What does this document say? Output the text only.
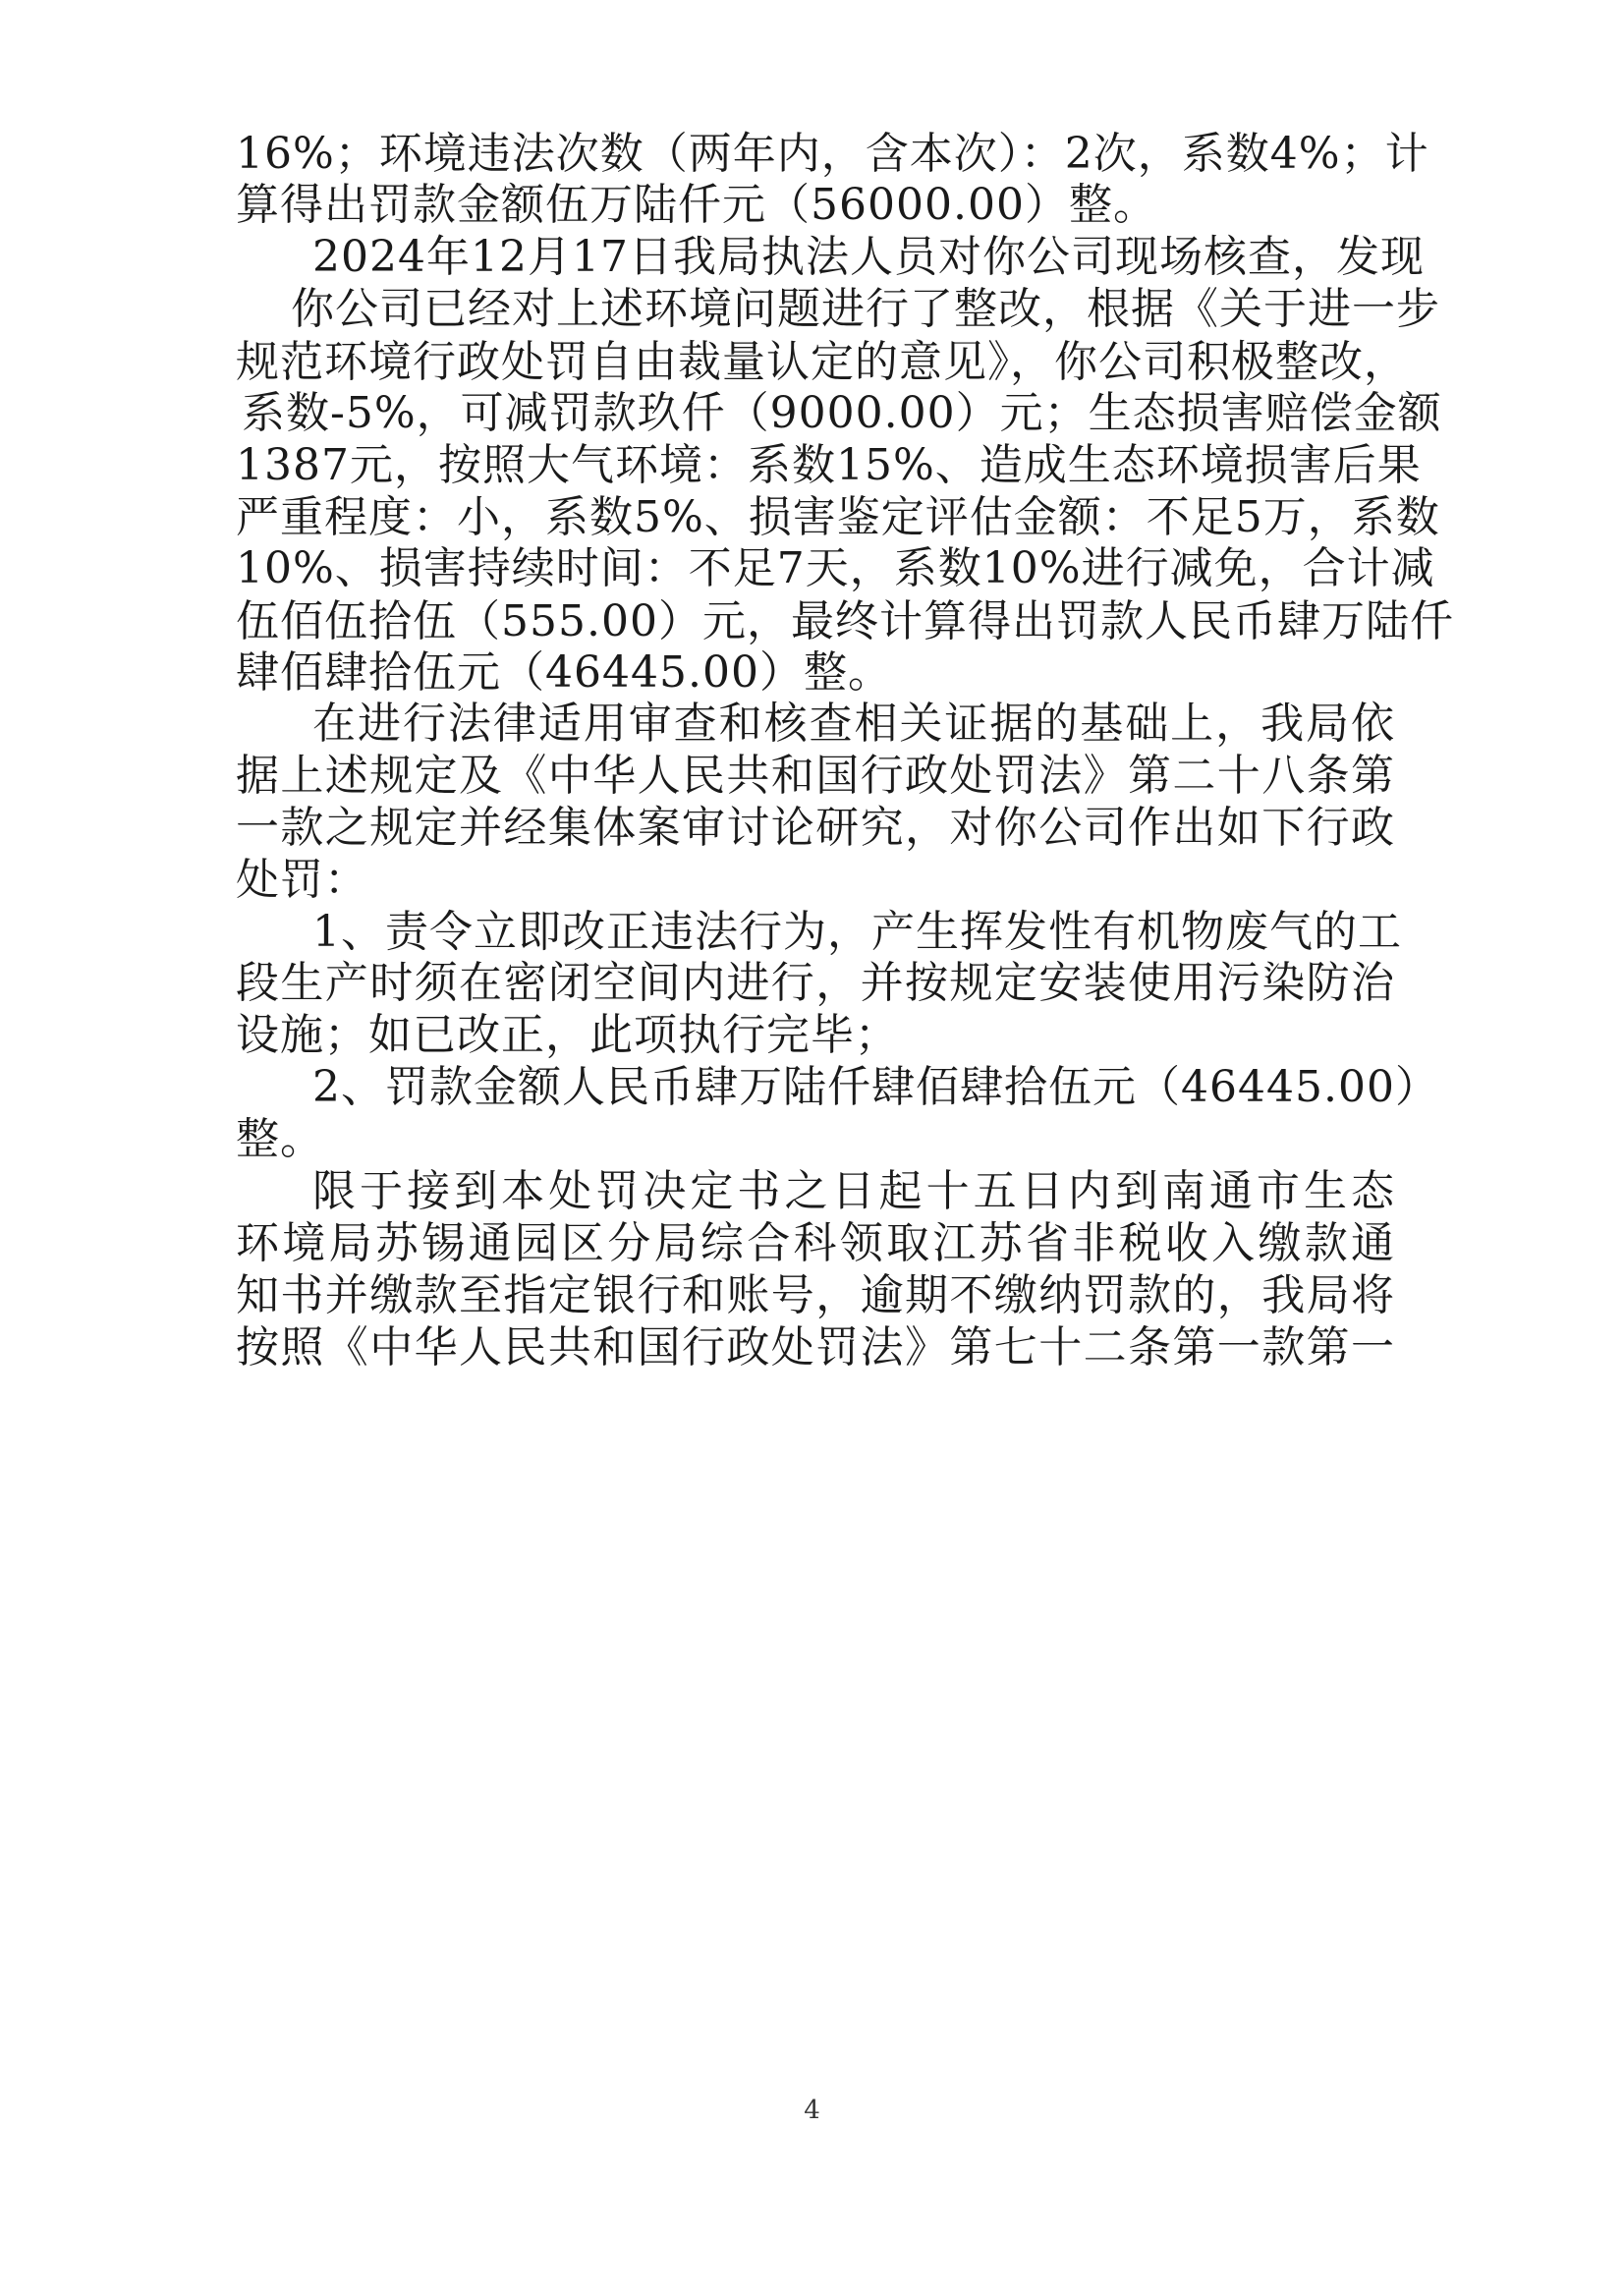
16%；环境违法次数（两年内，含本次）：2次，系数4%；计
算得出罚款金额伍万陆仟元（56000.00）整。
2024年12月17日我局执法人员对你公司现场核查，发现
你公司已经对上述环境问题进行了整改，根据《关于进一步
规范环境行政处罚自由裁量认定的意见》，你公司积极整改，
系数-5%，可减罚款玖仟（9000.00）元；生态损害赔偿金额
1387元，按照大气环境：系数15%、造成生态环境损害后果
严重程度：小，系数5%、损害鉴定评估金额：不足5万，系数
10%、损害持续时间：不足7天，系数10%进行减免，合计减
伍佰伍拾伍（555.00）元，最终计算得出罚款人民币肆万陆仟
肆佰肆拾伍元（46445.00）整。
在进行法律适用审查和核查相关证据的基础上，我局依
据上述规定及《中华人民共和国行政处罚法》第二十八条第
一款之规定并经集体案审讨论研究，对你公司作出如下行政
处罚：
1、责令立即改正违法行为，产生挥发性有机物废气的工
段生产时须在密闭空间内进行，并按规定安装使用污染防治
设施；如已改正，此项执行完毕；
2、罚款金额人民币肆万陆仟肆佰肆拾伍元（46445.00）
整。
限于接到本处罚决定书之日起十五日内到南通市生态
环境局苏锡通园区分局综合科领取江苏省非税收入缴款通
知书并缴款至指定银行和账号，逾期不缴纳罚款的，我局将
按照《中华人民共和国行政处罚法》第七十二条第一款第一
4
